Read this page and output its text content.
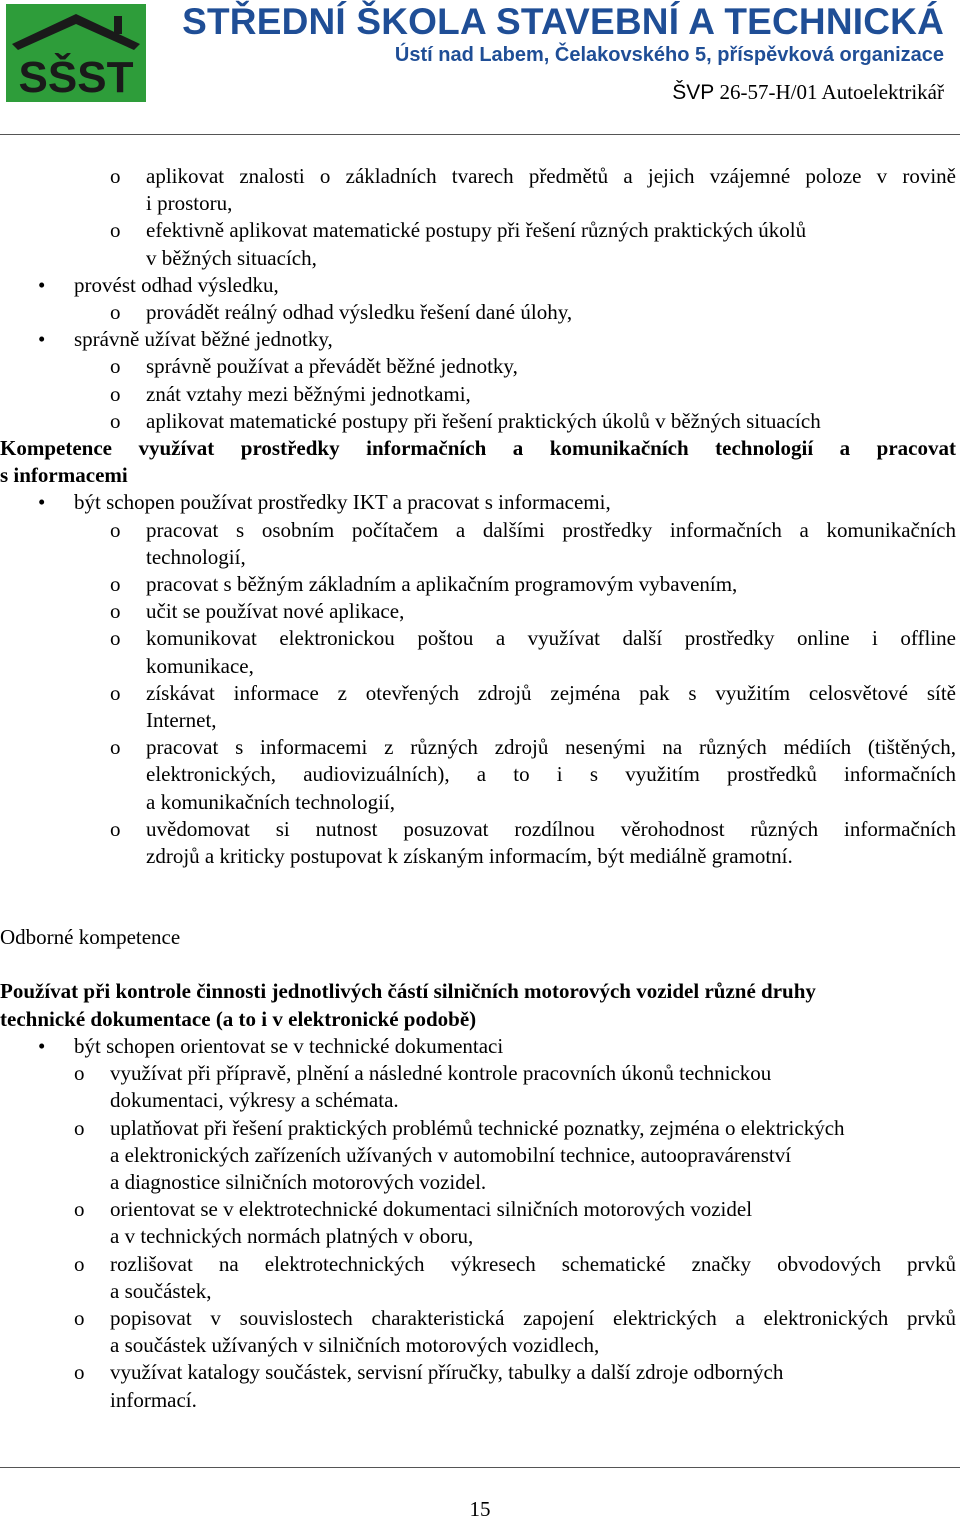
SŠST
STŘEDNÍ ŠKOLA STAVEBNÍ A TECHNICKÁ
Ústí nad Labem, Čelakovského 5, příspěvková organizace
ŠVP 26-57-H/01 Autoelektrikář
o aplikovat znalosti o základních tvarech předmětů a jejich vzájemné poloze v rovině
i prostoru,
o efektivně aplikovat matematické postupy při řešení různých praktických úkolů
v běžných situacích,
• provést odhad výsledku,
o provádět reálný odhad výsledku řešení dané úlohy,
• správně užívat běžné jednotky,
o správně používat a převádět běžné jednotky,
o znát vztahy mezi běžnými jednotkami,
o aplikovat matematické postupy při řešení praktických úkolů v běžných situacích
Kompetence využívat prostředky informačních a komunikačních technologií a pracovat
s informacemi
• být schopen používat prostředky IKT a pracovat s informacemi,
o pracovat s osobním počítačem a dalšími prostředky informačních a komunikačních
technologií,
o pracovat s běžným základním a aplikačním programovým vybavením,
o učit se používat nové aplikace,
o komunikovat elektronickou poštou a využívat další prostředky online i offline
komunikace,
o získávat informace z otevřených zdrojů zejména pak s využitím celosvětové sítě
Internet,
o pracovat s informacemi z různých zdrojů nesenými na různých médiích (tištěných,
elektronických, audiovizuálních), a to i s využitím prostředků informačních
a komunikačních technologií,
o uvědomovat si nutnost posuzovat rozdílnou věrohodnost různých informačních
zdrojů a kriticky postupovat k získaným informacím, být mediálně gramotní.
Odborné kompetence
Používat při kontrole činnosti jednotlivých částí silničních motorových vozidel různé druhy
technické dokumentace (a to i v elektronické podobě)
• být schopen orientovat se v technické dokumentaci
o využívat při přípravě, plnění a následné kontrole pracovních úkonů technickou
dokumentaci, výkresy a schémata.
o uplatňovat při řešení praktických problémů technické poznatky, zejména o elektrických
a elektronických zařízeních užívaných v automobilní technice, autoopravárenství
a diagnostice silničních motorových vozidel.
o orientovat se v elektrotechnické dokumentaci silničních motorových vozidel
a v technických normách platných v oboru,
o rozlišovat na elektrotechnických výkresech schematické značky obvodových prvků
a součástek,
o popisovat v souvislostech charakteristická zapojení elektrických a elektronických prvků
a součástek užívaných v silničních motorových vozidlech,
o využívat katalogy součástek, servisní příručky, tabulky a další zdroje odborných
informací.
15
